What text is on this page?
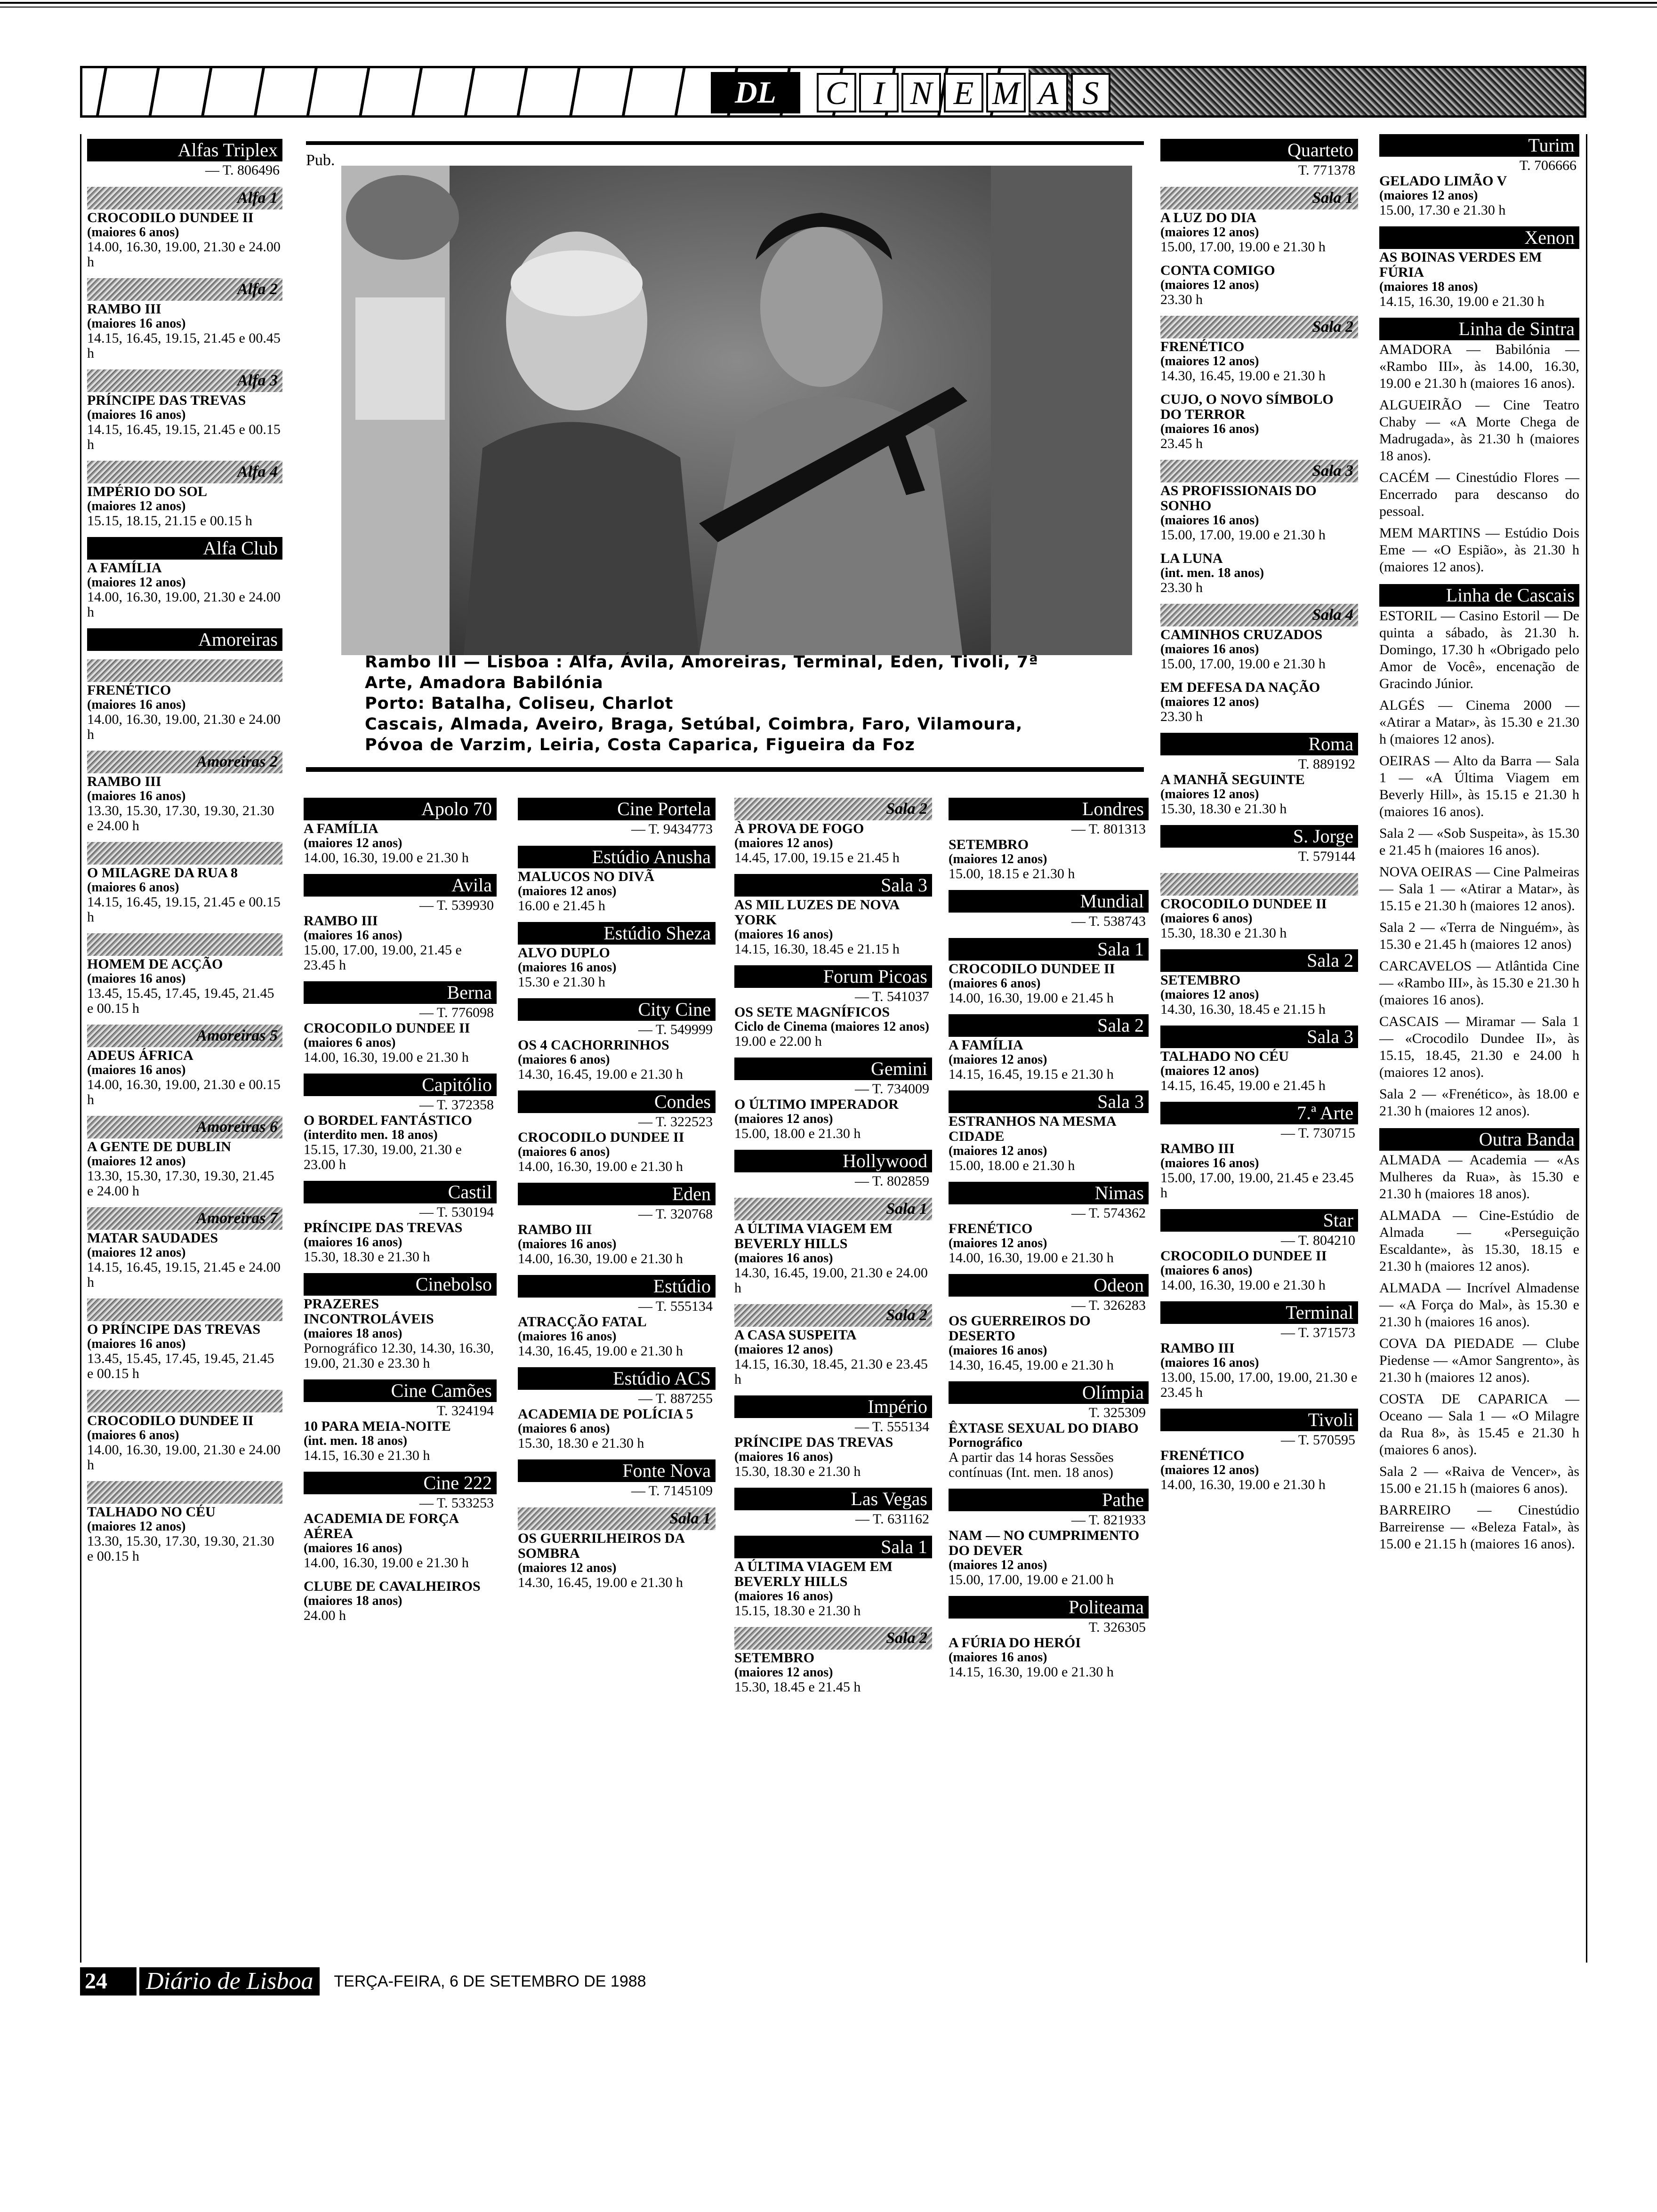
DL	C I N E M A S
Alfas Triplex
— T. 806496
Alfa 1
CROCODILO DUNDEE II
(maiores 6 anos)
14.00, 16.30, 19.00, 21.30 e 24.00 h
Alfa 2
RAMBO III
(maiores 16 anos)
14.15, 16.45, 19.15, 21.45 e 00.45 h
Alfa 3
PRÍNCIPE DAS TREVAS
(maiores 16 anos)
14.15, 16.45, 19.15, 21.45 e 00.15 h
Alfa 4
IMPÉRIO DO SOL
(maiores 12 anos)
15.15, 18.15, 21.15 e 00.15 h
Alfa Club
A FAMÍLIA
(maiores 12 anos)
14.00, 16.30, 19.00, 21.30 e 24.00 h
Amoreiras
FRENÉTICO
(maiores 16 anos)
14.00, 16.30, 19.00, 21.30 e 24.00 h
Amoreiras 2
RAMBO III
(maiores 16 anos)
13.30, 15.30, 17.30, 19.30, 21.30 e 24.00 h
O MILAGRE DA RUA 8
(maiores 6 anos)
14.15, 16.45, 19.15, 21.45 e 00.15 h
HOMEM DE ACÇÃO
(maiores 16 anos)
13.45, 15.45, 17.45, 19.45, 21.45 e 00.15 h
Amoreiras 5
ADEUS ÁFRICA
(maiores 16 anos)
14.00, 16.30, 19.00, 21.30 e 00.15 h
Amoreiras 6
A GENTE DE DUBLIN
(maiores 12 anos)
13.30, 15.30, 17.30, 19.30, 21.45 e 24.00 h
Amoreiras 7
MATAR SAUDADES
(maiores 12 anos)
14.15, 16.45, 19.15, 21.45 e 24.00 h
O PRÍNCIPE DAS TREVAS
(maiores 16 anos)
13.45, 15.45, 17.45, 19.45, 21.45 e 00.15 h
CROCODILO DUNDEE II
(maiores 6 anos)
14.00, 16.30, 19.00, 21.30 e 24.00 h
TALHADO NO CÉU
(maiores 12 anos)
13.30, 15.30, 17.30, 19.30, 21.30 e 00.15 h
Apolo 70
A FAMÍLIA
(maiores 12 anos)
14.00, 16.30, 19.00 e 21.30 h
Avila
— T. 539930
RAMBO III
(maiores 16 anos)
15.00, 17.00, 19.00, 21.45 e 23.45 h
Berna
— T. 776098
CROCODILO DUNDEE II
(maiores 6 anos)
14.00, 16.30, 19.00 e 21.30 h
Capitólio
— T. 372358
O BORDEL FANTÁSTICO
(interdito men. 18 anos)
15.15, 17.30, 19.00, 21.30 e 23.00 h
Castil
— T. 530194
PRÍNCIPE DAS TREVAS
(maiores 16 anos)
15.30, 18.30 e 21.30 h
Cinebolso
PRAZERES INCONTROLÁVEIS
(maiores 18 anos)
Pornográfico 12.30, 14.30, 16.30, 19.00, 21.30 e 23.30 h
Cine Camões
T. 324194
10 PARA MEIA-NOITE
(int. men. 18 anos)
14.15, 16.30 e 21.30 h
Cine 222
— T. 533253
ACADEMIA DE FORÇA AÉREA
(maiores 16 anos)
14.00, 16.30, 19.00 e 21.30 h
CLUBE DE CAVALHEIROS
(maiores 18 anos)
24.00 h
Cine Portela
— T. 9434773
Estúdio Anusha
MALUCOS NO DIVÃ
(maiores 12 anos)
16.00 e 21.45 h
Estúdio Sheza
ALVO DUPLO
(maiores 16 anos)
15.30 e 21.30 h
City Cine
— T. 549999
OS 4 CACHORRINHOS
(maiores 6 anos)
14.30, 16.45, 19.00 e 21.30 h
Condes
— T. 322523
CROCODILO DUNDEE II
(maiores 6 anos)
14.00, 16.30, 19.00 e 21.30 h
Eden
— T. 320768
RAMBO III
(maiores 16 anos)
14.00, 16.30, 19.00 e 21.30 h
Estúdio
— T. 555134
ATRACÇÃO FATAL
(maiores 16 anos)
14.30, 16.45, 19.00 e 21.30 h
Estúdio ACS
— T. 887255
ACADEMIA DE POLÍCIA 5
(maiores 6 anos)
15.30, 18.30 e 21.30 h
Fonte Nova
— T. 7145109
Sala 1
OS GUERRILHEIROS DA SOMBRA
(maiores 12 anos)
14.30, 16.45, 19.00 e 21.30 h
Sala 2
À PROVA DE FOGO
(maiores 12 anos)
14.45, 17.00, 19.15 e 21.45 h
Sala 3
AS MIL LUZES DE NOVA YORK
(maiores 16 anos)
14.15, 16.30, 18.45 e 21.15 h
Forum Picoas
— T. 541037
OS SETE MAGNÍFICOS
Ciclo de Cinema (maiores 12 anos)
19.00 e 22.00 h
Gemini
— T. 734009
O ÚLTIMO IMPERADOR
(maiores 12 anos)
15.00, 18.00 e 21.30 h
Hollywood
— T. 802859
Sala 1
A ÚLTIMA VIAGEM EM BEVERLY HILLS
(maiores 16 anos)
14.30, 16.45, 19.00, 21.30 e 24.00 h
Sala 2
A CASA SUSPEITA
(maiores 12 anos)
14.15, 16.30, 18.45, 21.30 e 23.45 h
Império
— T. 555134
PRÍNCIPE DAS TREVAS
(maiores 16 anos)
15.30, 18.30 e 21.30 h
Las Vegas
— T. 631162
Sala 1
A ÚLTIMA VIAGEM EM BEVERLY HILLS
(maiores 16 anos)
15.15, 18.30 e 21.30 h
Sala 2
SETEMBRO
(maiores 12 anos)
15.30, 18.45 e 21.45 h
Londres
— T. 801313
SETEMBRO
(maiores 12 anos)
15.00, 18.15 e 21.30 h
Mundial
— T. 538743
Sala 1
CROCODILO DUNDEE II
(maiores 6 anos)
14.00, 16.30, 19.00 e 21.45 h
Sala 2
A FAMÍLIA
(maiores 12 anos)
14.15, 16.45, 19.15 e 21.30 h
Sala 3
ESTRANHOS NA MESMA CIDADE
(maiores 12 anos)
15.00, 18.00 e 21.30 h
Nimas
— T. 574362
FRENÉTICO
(maiores 12 anos)
14.00, 16.30, 19.00 e 21.30 h
Odeon
— T. 326283
OS GUERREIROS DO DESERTO
(maiores 16 anos)
14.30, 16.45, 19.00 e 21.30 h
Olímpia
T. 325309
ÊXTASE SEXUAL DO DIABO
Pornográfico
A partir das 14 horas Sessões contínuas (Int. men. 18 anos)
Pathe
— T. 821933
NAM — NO CUMPRIMENTO DO DEVER
(maiores 12 anos)
15.00, 17.00, 19.00 e 21.00 h
Politeama
T. 326305
A FÚRIA DO HERÓI
(maiores 16 anos)
14.15, 16.30, 19.00 e 21.30 h
Quarteto
T. 771378
Sala 1
A LUZ DO DIA
(maiores 12 anos)
15.00, 17.00, 19.00 e 21.30 h
CONTA COMIGO
(maiores 12 anos)
23.30 h
Sala 2
FRENÉTICO
(maiores 12 anos)
14.30, 16.45, 19.00 e 21.30 h
CUJO, O NOVO SÍMBOLO DO TERROR
(maiores 16 anos)
23.45 h
Sala 3
AS PROFISSIONAIS DO SONHO
(maiores 16 anos)
15.00, 17.00, 19.00 e 21.30 h
LA LUNA
(int. men. 18 anos)
23.30 h
Sala 4
CAMINHOS CRUZADOS
(maiores 16 anos)
15.00, 17.00, 19.00 e 21.30 h
EM DEFESA DA NAÇÃO
(maiores 12 anos)
23.30 h
Roma
T. 889192
A MANHÃ SEGUINTE
(maiores 12 anos)
15.30, 18.30 e 21.30 h
S. Jorge
T. 579144
CROCODILO DUNDEE II
(maiores 6 anos)
15.30, 18.30 e 21.30 h
Sala 2
SETEMBRO
(maiores 12 anos)
14.30, 16.30, 18.45 e 21.15 h
Sala 3
TALHADO NO CÉU
(maiores 12 anos)
14.15, 16.45, 19.00 e 21.45 h
7.ª Arte
— T. 730715
RAMBO III
(maiores 16 anos)
15.00, 17.00, 19.00, 21.45 e 23.45 h
Star
— T. 804210
CROCODILO DUNDEE II
(maiores 6 anos)
14.00, 16.30, 19.00 e 21.30 h
Terminal
— T. 371573
RAMBO III
(maiores 16 anos)
13.00, 15.00, 17.00, 19.00, 21.30 e 23.45 h
Tivoli
— T. 570595
FRENÉTICO
(maiores 12 anos)
14.00, 16.30, 19.00 e 21.30 h
Turim
T. 706666
GELADO LIMÃO V
(maiores 12 anos)
15.00, 17.30 e 21.30 h
Xenon
AS BOINAS VERDES EM FÚRIA
(maiores 18 anos)
14.15, 16.30, 19.00 e 21.30 h
Linha de Sintra
AMADORA — Babilónia — «Rambo III», às 14.00, 16.30, 19.00 e 21.30 h (maiores 16 anos).
ALGUEIRÃO — Cine Teatro Chaby — «A Morte Chega de Madrugada», às 21.30 h (maiores 18 anos).
CACÉM — Cinestúdio Flores — Encerrado para descanso do pessoal.
MEM MARTINS — Estúdio Dois Eme — «O Espião», às 21.30 h (maiores 12 anos).
Linha de Cascais
ESTORIL — Casino Estoril — De quinta a sábado, às 21.30 h. Domingo, 17.30 h «Obrigado pelo Amor de Você», encenação de Gracindo Júnior.
ALGÉS — Cinema 2000 — «Atirar a Matar», às 15.30 e 21.30 h (maiores 12 anos).
OEIRAS — Alto da Barra — Sala 1 — «A Última Viagem em Beverly Hill», às 15.15 e 21.30 h (maiores 16 anos).
Sala 2 — «Sob Suspeita», às 15.30 e 21.45 h (maiores 16 anos).
NOVA OEIRAS — Cine Palmeiras — Sala 1 — «Atirar a Matar», às 15.15 e 21.30 h (maiores 12 anos).
Sala 2 — «Terra de Ninguém», às 15.30 e 21.45 h (maiores 12 anos)
CARCAVELOS — Atlântida Cine — «Rambo III», às 15.30 e 21.30 h (maiores 16 anos).
CASCAIS — Miramar — Sala 1 — «Crocodilo Dundee II», às 15.15, 18.45, 21.30 e 24.00 h (maiores 12 anos).
Sala 2 — «Frenético», às 18.00 e 21.30 h (maiores 12 anos).
Outra Banda
ALMADA — Academia — «As Mulheres da Rua», às 15.30 e 21.30 h (maiores 18 anos).
ALMADA — Cine-Estúdio de Almada — «Perseguição Escaldante», às 15.30, 18.15 e 21.30 h (maiores 12 anos).
ALMADA — Incrível Almadense — «A Força do Mal», às 15.30 e 21.30 h (maiores 16 anos).
COVA DA PIEDADE — Clube Piedense — «Amor Sangrento», às 21.30 h (maiores 12 anos).
COSTA DE CAPARICA — Oceano — Sala 1 — «O Milagre da Rua 8», às 15.45 e 21.30 h (maiores 6 anos).
Sala 2 — «Raiva de Vencer», às 15.00 e 21.15 h (maiores 6 anos).
BARREIRO — Cinestúdio Barreirense — «Beleza Fatal», às 15.00 e 21.15 h (maiores 16 anos).
Pub.
Rambo III — Lisboa : Alfa, Ávila, Amoreiras, Terminal, Eden, Tivoli, 7ª
Arte, Amadora Babilónia
Porto: Batalha, Coliseu, Charlot
Cascais, Almada, Aveiro, Braga, Setúbal, Coimbra, Faro, Vilamoura,
Póvoa de Varzim, Leiria, Costa Caparica, Figueira da Foz
24	Diário de Lisboa	TERÇA-FEIRA, 6 DE SETEMBRO DE 1988
